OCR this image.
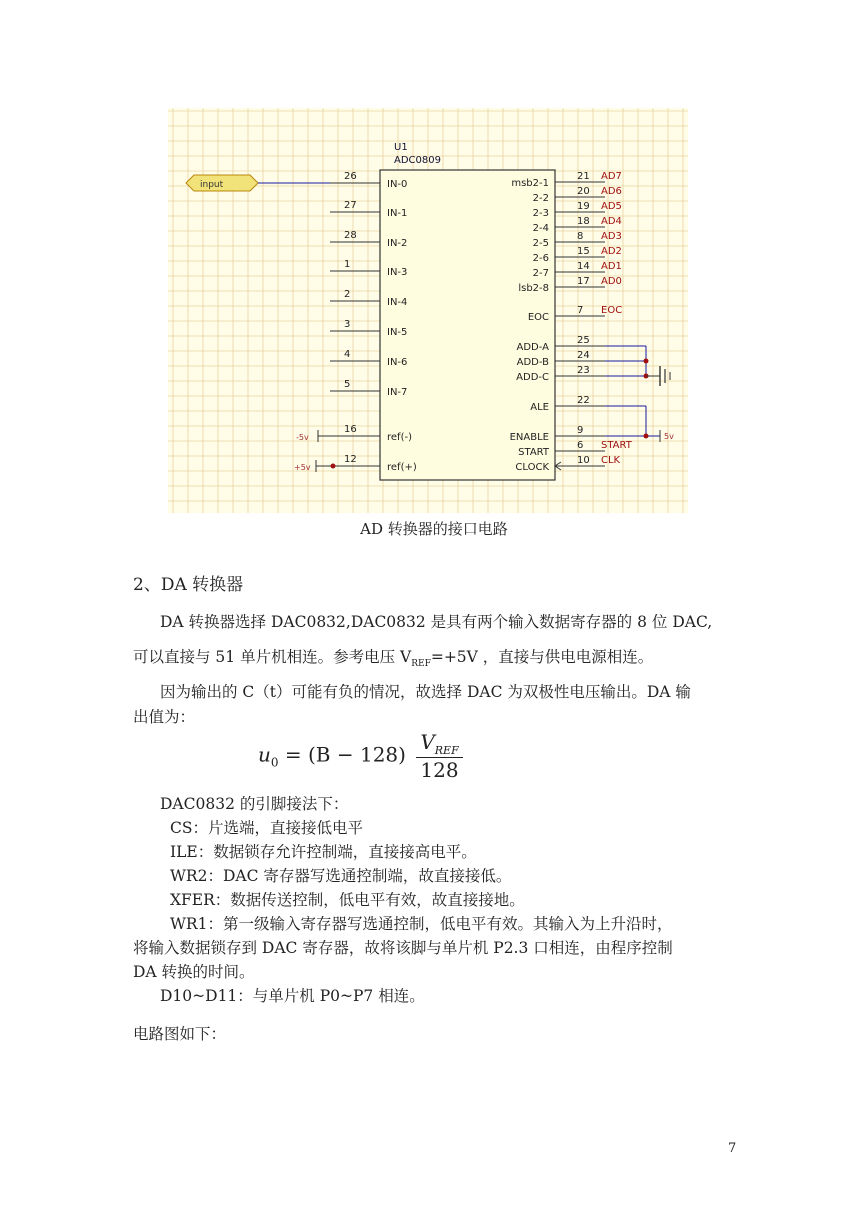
U1
ADC0809
26
IN-0
27
IN-1
28
IN-2
1
IN-3
2
IN-4
3
IN-5
4
IN-6
5
IN-7
16
ref(-)
12
ref(+)
input
-5v
+5v
21
msb2-1
AD7
20
2-2
AD6
19
2-3
AD5
18
2-4
AD4
8
2-5
AD3
15
2-6
AD2
14
2-7
AD1
17
lsb2-8
AD0
7
EOC
EOC
25
ADD-A
24
ADD-B
23
ADD-C
22
ALE
9
ENABLE
6
START
START
10
CLOCK
CLK
5v
AD 转换器的接口电路
2、DA 转换器
DA 转换器选择 DAC0832,DAC0832 是具有两个输入数据寄存器的 8 位 DAC,
可以直接与 51 单片机相连。参考电压 $V_{REF}=+5V$ ，直接与供电电源相连。
因为输出的 C（t）可能有负的情况，故选择 DAC 为双极性电压输出。DA 输
出值为：
$u_0 = (B - 128) \frac{V_{REF}}{128}$
DAC0832 的引脚接法下：
CS：片选端，直接接低电平
ILE：数据锁存允许控制端，直接接高电平。
WR2：DAC 寄存器写选通控制端，故直接接低。
XFER：数据传送控制，低电平有效，故直接接地。
WR1：第一级输入寄存器写选通控制，低电平有效。其输入为上升沿时，
将输入数据锁存到 DAC 寄存器，故将该脚与单片机 P2.3 口相连，由程序控制
DA 转换的时间。
D10~D11：与单片机 P0~P7 相连。
电路图如下：
7
